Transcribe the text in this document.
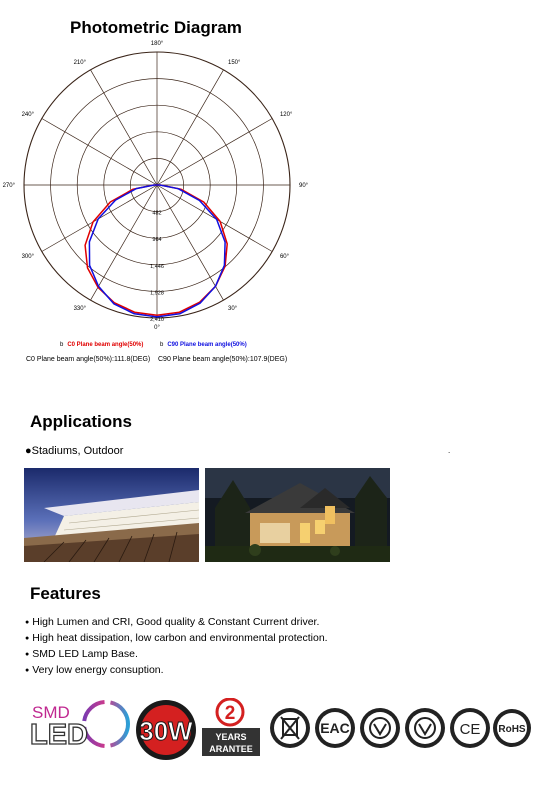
Photometric Diagram
180°
150°
120°
90°
60°
30°
0°
330°
300°
270°
240°
210°
482
964
1,446
1,928
2,410
b C0 Plane beam angle(50%)	b C90 Plane beam angle(50%)
C0 Plane beam angle(50%):111.8(DEG) C90 Plane beam angle(50%):107.9(DEG)
Applications
●Stadiums, Outdoor	.
Features
● High Lumen and CRI, Good quality & Constant Current driver.
● High heat dissipation, low carbon and environmental protection.
● SMD LED Lamp Base.
● Very low energy consuption.
SMD
LED 30W
2
YEARS
ARANTEE
EAC	CE RoHS
